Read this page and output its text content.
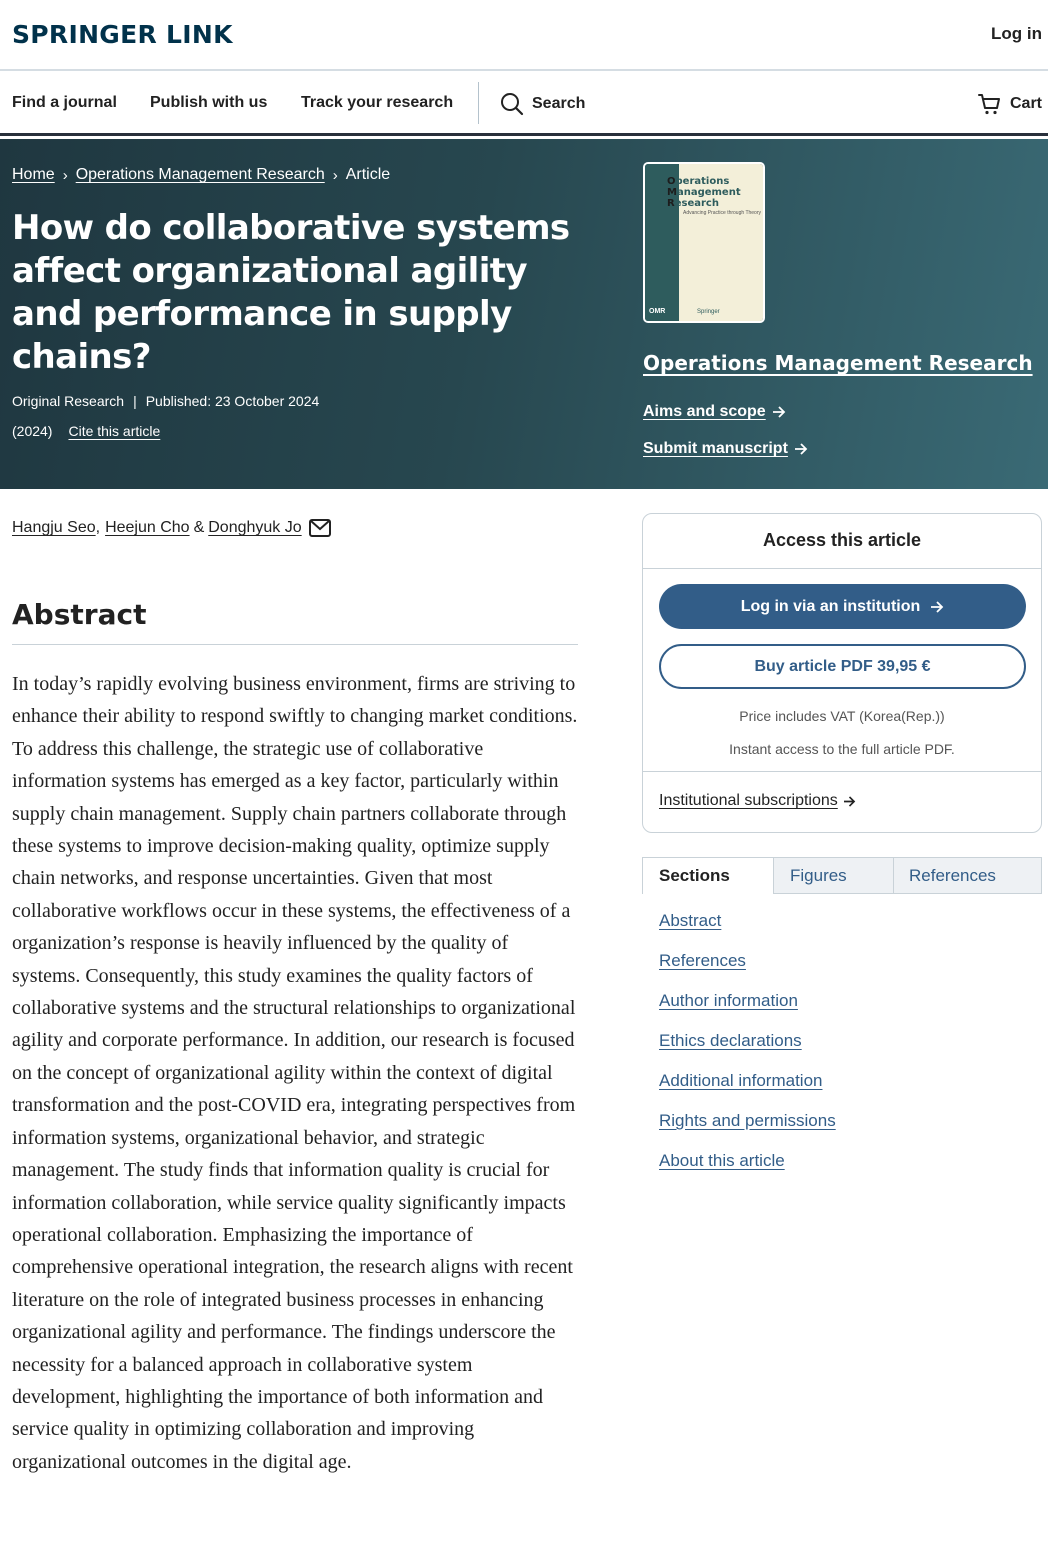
SPRINGER LINK	Log in
Find a journal Publish with us Track your research	Search	Cart
Home › Operations Management Research › Article
How do collaborative systems affect organizational agility and performance in supply chains?
Original Research | Published: 23 October 2024
(2024) Cite this article
Operations
Management
Research
Advancing Practice through Theory
OMR	Springer
Operations Management Research
Aims and scope
Submit manuscript
Hangju Seo , Heejun Cho & Donghyuk Jo
Abstract

In today’s rapidly evolving business environment, firms are striving to enhance their ability to respond swiftly to changing market conditions. To address this challenge, the strategic use of collaborative information systems has emerged as a key factor, particularly within supply chain management. Supply chain partners collaborate through these systems to improve decision-making quality, optimize supply chain networks, and response uncertainties. Given that most collaborative workflows occur in these systems, the effectiveness of a organization’s response is heavily influenced by the quality of systems. Consequently, this study examines the quality factors of collaborative systems and the structural relationships to organizational agility and corporate performance. In addition, our research is focused on the concept of organizational agility within the context of digital transformation and the post-COVID era, integrating perspectives from information systems, organizational behavior, and strategic management. The study finds that information quality is crucial for information collaboration, while service quality significantly impacts operational collaboration. Emphasizing the importance of comprehensive operational integration, the research aligns with recent literature on the role of integrated business processes in enhancing organizational agility and performance. The findings underscore the necessity for a balanced approach in collaborative system development, highlighting the importance of both information and service quality in optimizing collaboration and improving organizational outcomes in the digital age.

Access this article
Log in via an institution
Buy article PDF 39,95 €
Price includes VAT (Korea(Rep.))
Instant access to the full article PDF.
Institutional subscriptions
Sections	Figures	References
Abstract
References
Author information
Ethics declarations
Additional information
Rights and permissions
About this article
